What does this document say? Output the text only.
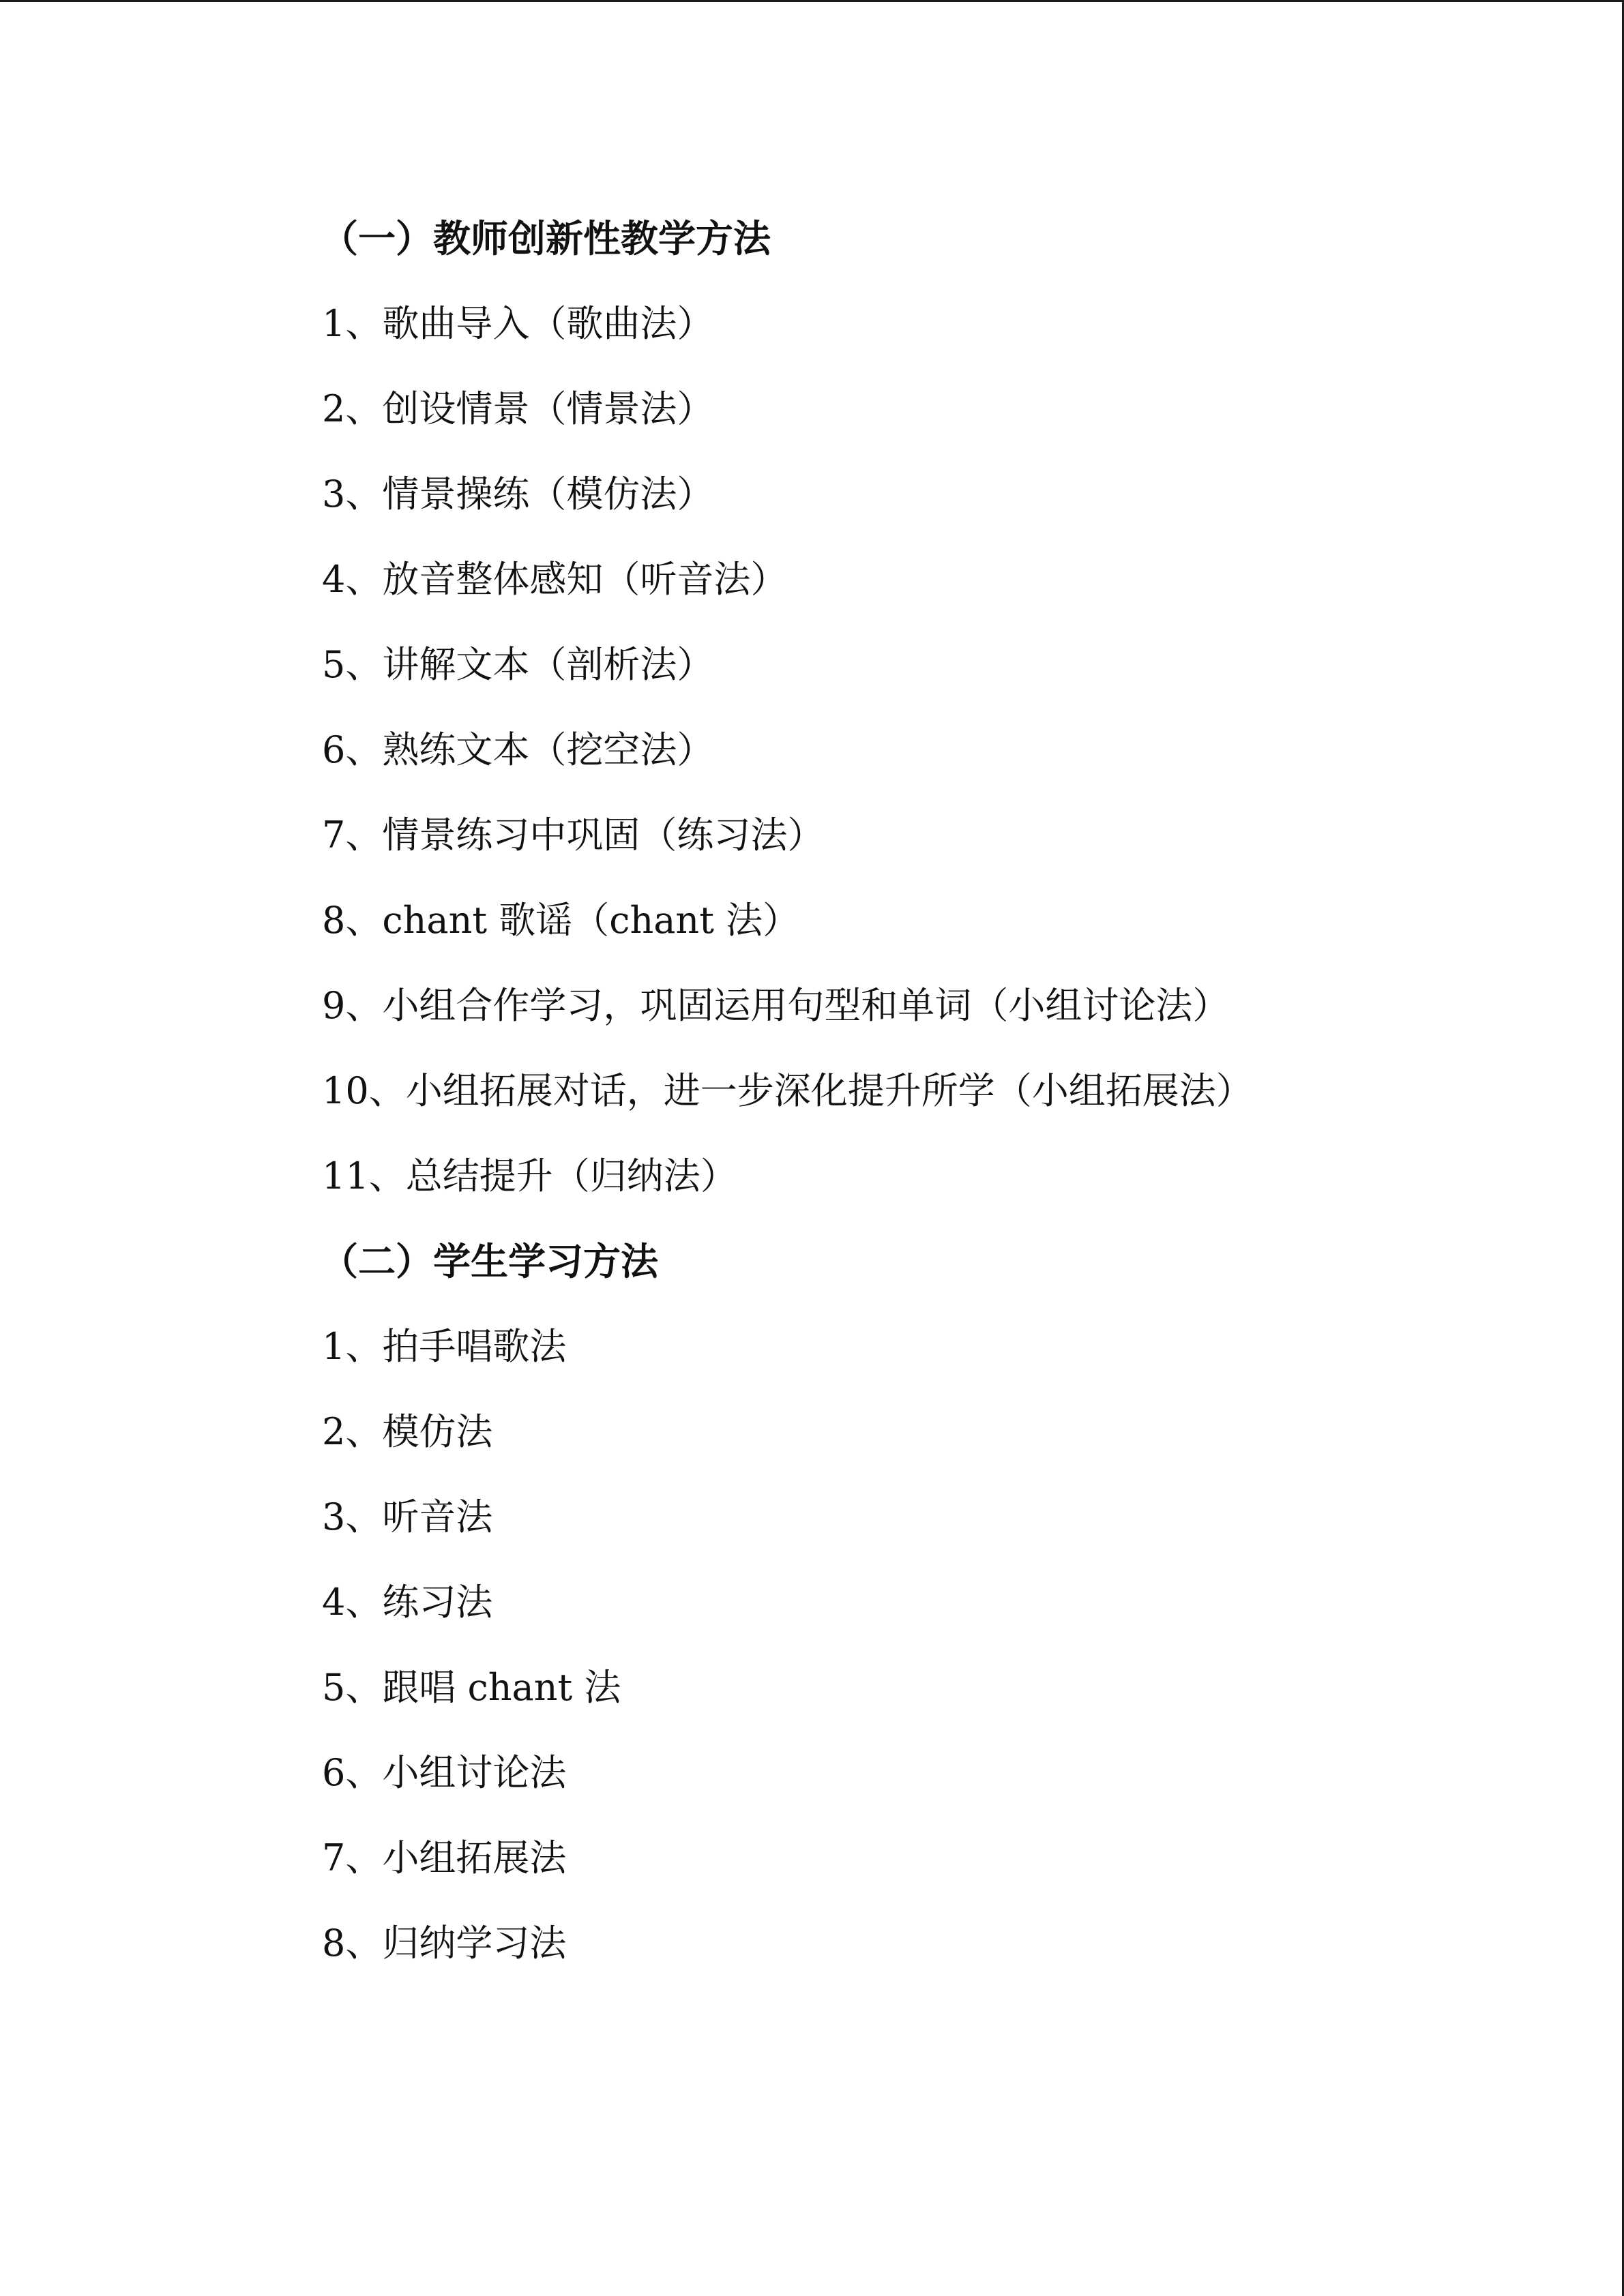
（一）教师创新性教学方法
1、歌曲导入（歌曲法）
2、创设情景（情景法）
3、情景操练（模仿法）
4、放音整体感知（听音法）
5、讲解文本（剖析法）
6、熟练文本（挖空法）
7、情景练习中巩固（练习法）
8、chant 歌谣（chant 法）
9、小组合作学习，巩固运用句型和单词（小组讨论法）
10、小组拓展对话，进一步深化提升所学（小组拓展法）
11、总结提升（归纳法）
（二）学生学习方法
1、拍手唱歌法
2、模仿法
3、听音法
4、练习法
5、跟唱 chant 法
6、小组讨论法
7、小组拓展法
8、归纳学习法
